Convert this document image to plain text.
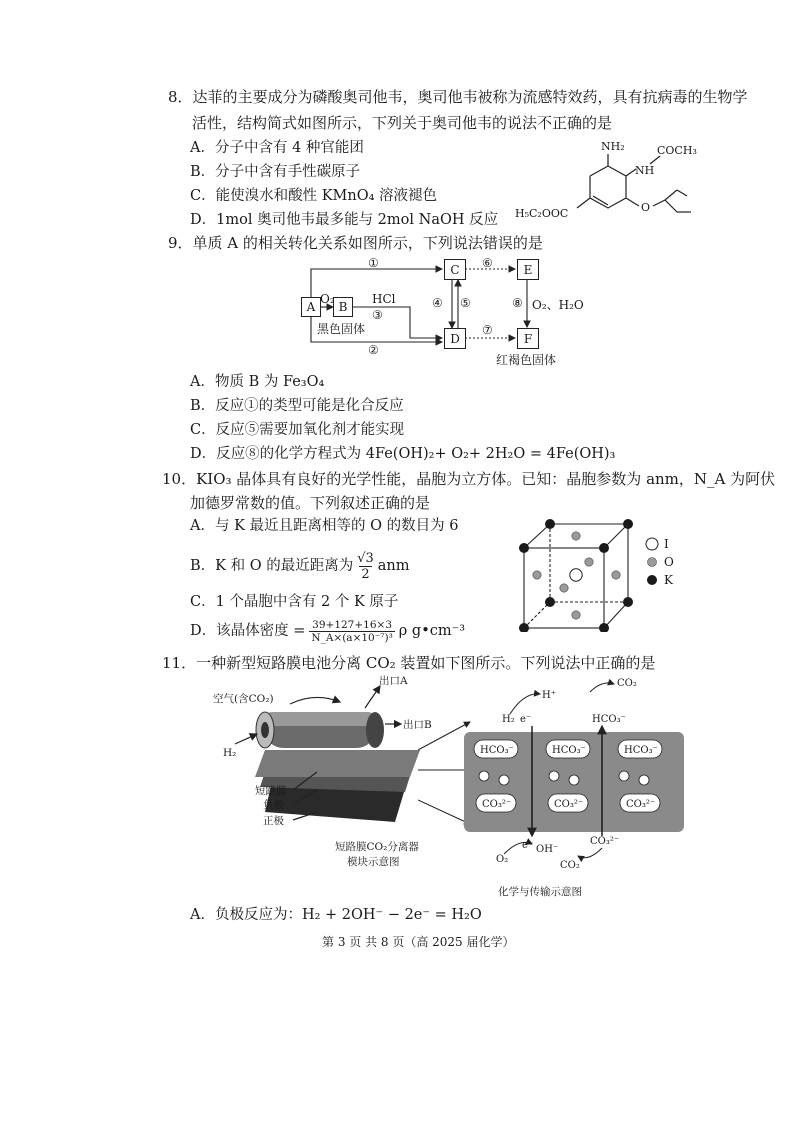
8．达菲的主要成分为磷酸奥司他韦，奥司他韦被称为流感特效药，具有抗病毒的生物学
活性，结构简式如图所示，下列关于奥司他韦的说法不正确的是
A．分子中含有 4 种官能团
B．分子中含有手性碳原子
C．能使溴水和酸性 KMnO₄ 溶液褪色
D．1mol 奥司他韦最多能与 2mol NaOH 反应
NH₂	COCH₃
NH
O
H₅C₂OOC
9．单质 A 的相关转化关系如图所示，下列说法错误的是
A	B
C
D
E
F
O₂	HCl
①
③
②
④ ⑤
⑥
⑦
⑧ O₂、H₂O
黑色固体
红褐色固体
A．物质 B 为 Fe₃O₄
B．反应①的类型可能是化合反应
C．反应⑤需要加氧化剂才能实现
D．反应⑧的化学方程式为 4Fe(OH)₂+ O₂+ 2H₂O = 4Fe(OH)₃
10．KIO₃ 晶体具有良好的光学性能，晶胞为立方体。已知：晶胞参数为 anm，N_A 为阿伏
加德罗常数的值。下列叙述正确的是
A．与 K 最近且距离相等的 O 的数目为 6
B．K 和 O 的最近距离为 $\frac{√3}{2}$ anm
C．1 个晶胞中含有 2 个 K 原子
D．该晶体密度 = $\frac{39+127+16\times 3}{\text{N\_A×(a×10⁻⁷)³}}$ ρ g•cm⁻³
I
O
K
11．一种新型短路膜电池分离 CO₂ 装置如下图所示。下列说法中正确的是
空气(含CO₂)
出口A
出口B
H₂
短路膜
负极
正极
短路膜CO₂分离器
模块示意图
HCO₃⁻	HCO₃⁻	HCO₃⁻
CO₃²⁻	CO₃²⁻	CO₃²⁻
H₂ e⁻
H⁺
CO₂
HCO₃⁻
e⁻
O₂
OH⁻
CO₃²⁻
CO₂
化学与传输示意图
A．负极反应为：H₂ + 2OH⁻ − 2e⁻ = H₂O
第 3 页 共 8 页（高 2025 届化学）
